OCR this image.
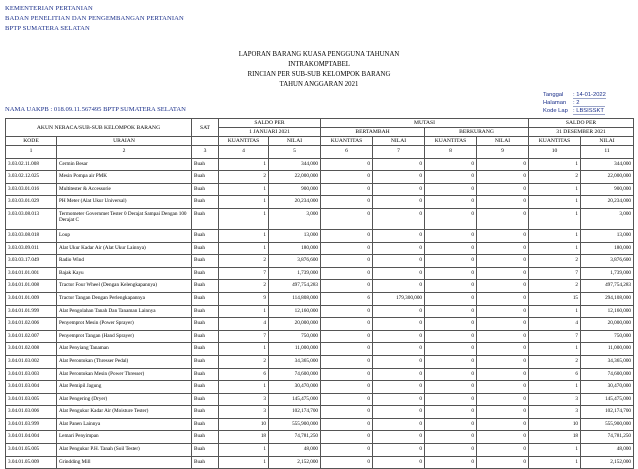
KEMENTERIAN PERTANIAN
BADAN PENELITIAN DAN PENGEMBANGAN PERTANIAN
BPTP SUMATERA SELATAN
LAPORAN BARANG KUASA PENGGUNA TAHUNAN
INTRAKOMPTABEL
RINCIAN PER SUB-SUB KELOMPOK BARANG
TAHUN ANGGARAN 2021
NAMA UAKPB : 018.09.11.567495 BPTP SUMATERA SELATAN
Tanggal : 14-01-2022
Halaman : 2
Kode Lap : LBSISSKT
AKUN NERACA/SUB-SUB KELOMPOK BARANG		SAT	SALDO PER		MUTASI				SALDO PER	
			1 JANUARI 2021		BERTAMBAH		BERKURANG		31 DESEMBER 2021	
KODE	URAIAN		KUANTITAS	NILAI	KUANTITAS	NILAI	KUANTITAS	NILAI	KUANTITAS	NILAI
1	2	3	4	5	6	7	8	9	10	11
3.03.02.11.008	Cermin Besar	Buah	1	344,000	0	0	0	0	1	344,000
3.03.02.12.025	Mesin Pompa air PMK	Buah	2	22,000,000	0	0	0	0	2	22,000,000
3.03.03.01.016	Multitester & Accessorie	Buah	1	900,000	0	0	0	0	1	900,000
3.03.03.01.029	PH Meter (Alat Ukur Universal)	Buah	1	20,234,000	0	0	0	0	1	20,234,000
3.03.03.08.013	Termometer Governmet Tester 0 Derajat Sampai Dengan 100 Derajat C	Buah	1	3,000	0	0	0	0	1	3,000
3.03.03.08.018	Loup	Buah	1	13,000	0	0	0	0	1	13,000
3.03.03.09.011	Alat Ukur Kadar Air (Alat Ukur Lainnya)	Buah	1	180,000	0	0	0	0	1	180,000
3.03.03.17.049	Radio Wind	Buah	2	3,876,600	0	0	0	0	2	3,876,600
3.04.01.01.001	Bajak Kayu	Buah	7	1,739,000	0	0	0	0	7	1,739,000
3.04.01.01.008	Tractor Four Wheel (Dengan Kelengkapannya)	Buah	2	497,754,283	0	0	0	0	2	497,754,283
3.04.01.01.009	Tractor Tangan Dengan Perlengkapannya	Buah	9	114,808,000	6	179,300,000	0	0	15	294,108,000
3.04.01.01.999	Alat Pengolahan Tanah Dan Tanaman Lainnya	Buah	1	12,160,000	0	0	0	0	1	12,160,000
3.04.01.02.006	Penyemprot Mesin (Power Sprayer)	Buah	4	20,000,000	0	0	0	0	4	20,000,000
3.04.01.02.007	Penyemprot Tangan (Hand Sprayer)	Buah	7	750,000	0	0	0	0	7	750,000
3.04.01.02.008	Alat Penyiang Tanaman	Buah	1	11,000,000	0	0	0	0	1	11,000,000
3.04.01.03.002	Alat Perontokan (Thresser Pedal)	Buah	2	34,365,000	0	0	0	0	2	34,365,000
3.04.01.03.003	Alat Perontokan Mesin (Power Thresser)	Buah	6	74,600,000	0	0	0	0	6	74,600,000
3.04.01.03.004	Alat Pemipil Jagung	Buah	1	30,470,000	0	0	0	0	1	30,470,000
3.04.01.03.005	Alat Pengering (Dryer)	Buah	3	145,475,000	0	0	0	0	3	145,475,000
3.04.01.03.006	Alat Pengukur Kadar Air (Moisture Tester)	Buah	3	102,174,700	0	0	0	0	3	102,174,700
3.04.01.03.999	Alat Panen Lainnya	Buah	10	555,900,000	0	0	0	0	10	555,900,000
3.04.01.04.004	Lemari Penyimpan	Buah	18	74,781,250	0	0	0	0	18	74,781,250
3.04.01.05.005	Alat Pengukur P.H. Tanah (Soil Tester)	Buah	1	48,000	0	0	0	0	1	48,000
3.04.01.05.009	Grindding Mill	Buah	1	2,152,000	0	0	0	0	1	2,152,000
